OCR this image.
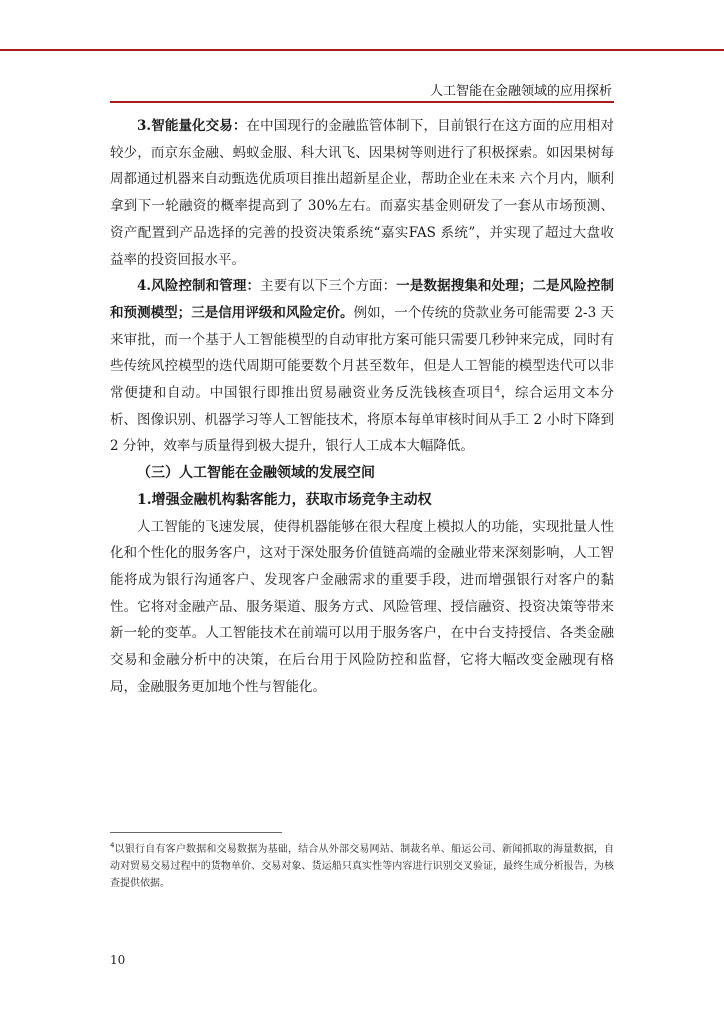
人工智能在金融领域的应用探析

3.智能量化交易：在中国现行的金融监管体制下，目前银行在这方面的应用相对较少，而京东金融、蚂蚁金服、科大讯飞、因果树等则进行了积极探索。如因果树每周都通过机器来自动甄选优质项目推出超新星企业，帮助企业在未来 六个月内，顺利拿到下一轮融资的概率提高到了 30%左右。而嘉实基金则研发了一套从市场预测、资产配置到产品选择的完善的投资决策系统“嘉实FAS 系统”，并实现了超过大盘收益率的投资回报水平。

4.风险控制和管理：主要有以下三个方面：一是数据搜集和处理；二是风险控制和预测模型；三是信用评级和风险定价。例如，一个传统的贷款业务可能需要 2-3 天来审批，而一个基于人工智能模型的自动审批方案可能只需要几秒钟来完成，同时有些传统风控模型的迭代周期可能要数个月甚至数年，但是人工智能的模型迭代可以非常便捷和自动。中国银行即推出贸易融资业务反洗钱核查项目$^4$，综合运用文本分析、图像识别、机器学习等人工智能技术，将原本每单审核时间从手工 2 小时下降到 2 分钟，效率与质量得到极大提升，银行人工成本大幅降低。

（三）人工智能在金融领域的发展空间

1.增强金融机构黏客能力，获取市场竞争主动权

人工智能的飞速发展，使得机器能够在很大程度上模拟人的功能，实现批量人性化和个性化的服务客户，这对于深处服务价值链高端的金融业带来深刻影响，人工智能将成为银行沟通客户、发现客户金融需求的重要手段，进而增强银行对客户的黏性。它将对金融产品、服务渠道、服务方式、风险管理、授信融资、投资决策等带来新一轮的变革。人工智能技术在前端可以用于服务客户，在中台支持授信、各类金融交易和金融分析中的决策，在后台用于风险防控和监督，它将大幅改变金融现有格局，金融服务更加地个性与智能化。

$^4$以银行自有客户数据和交易数据为基础，结合从外部交易网站、制裁名单、船运公司、新闻抓取的海量数据，自动对贸易交易过程中的货物单价、交易对象、货运船只真实性等内容进行识别交叉验证，最终生成分析报告，为核查提供依据。

10
